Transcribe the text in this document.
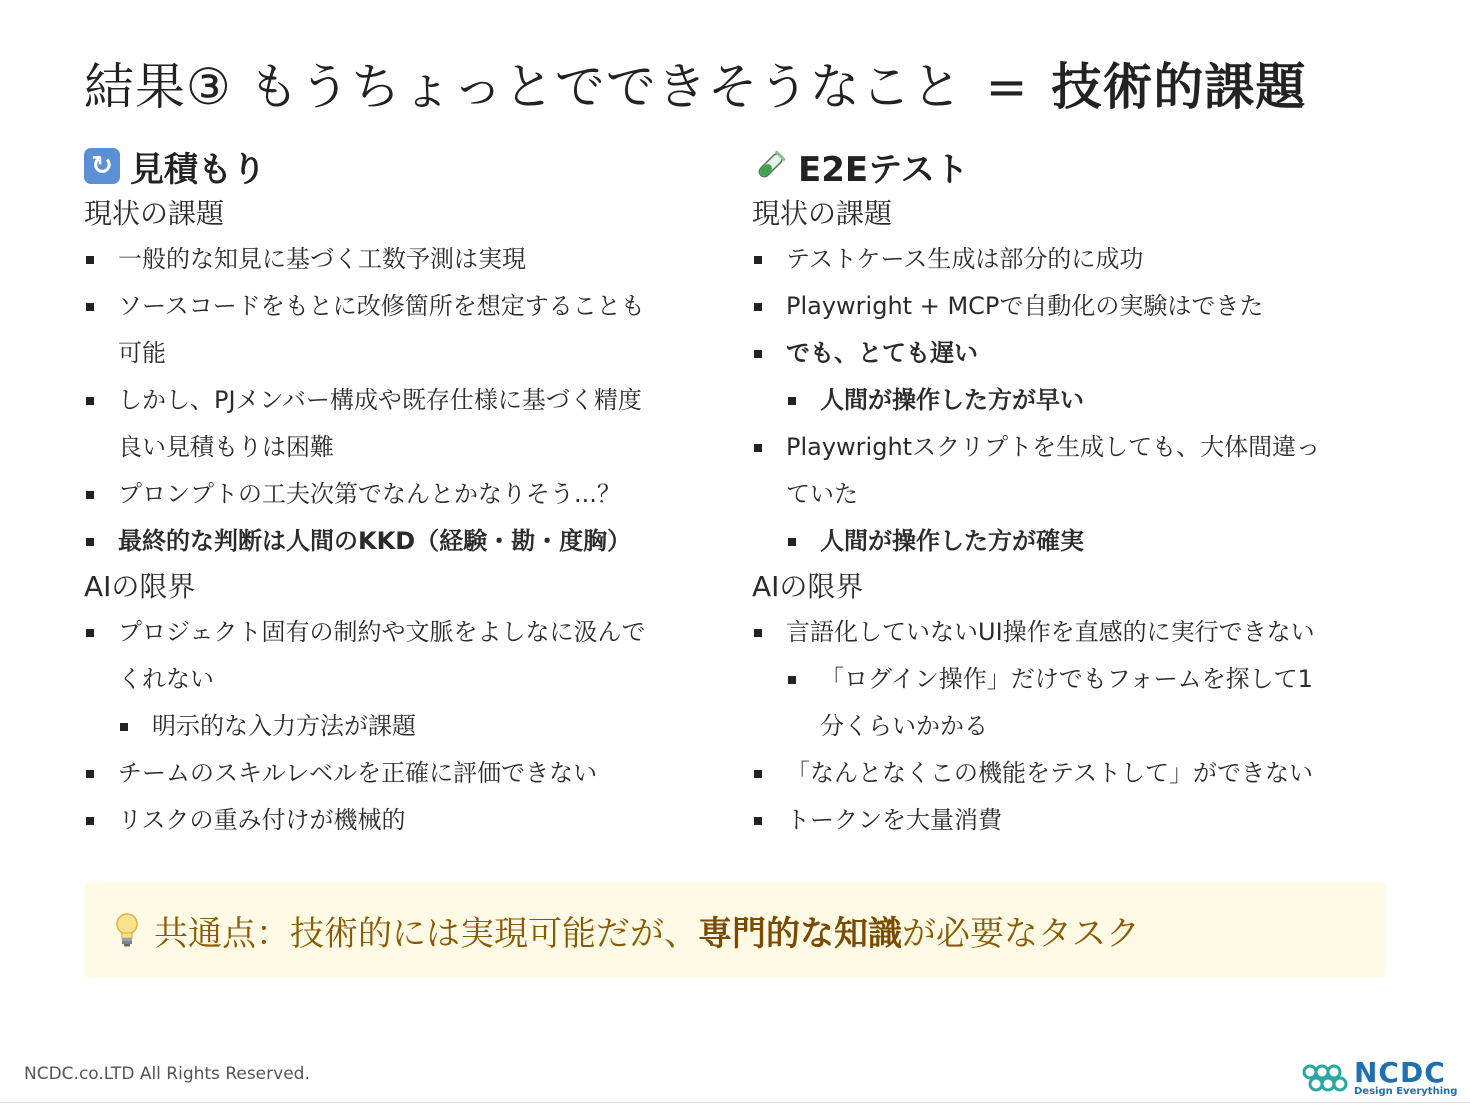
結果③ もうちょっとでできそうなこと = 技術的課題
↻ 見積もり
現状の課題
一般的な知見に基づく工数予測は実現
ソースコードをもとに改修箇所を想定することも
可能
しかし、PJメンバー構成や既存仕様に基づく精度
良い見積もりは困難
プロンプトの工夫次第でなんとかなりそう...？
最終的な判断は人間のKKD（経験・勘・度胸）
AIの限界
プロジェクト固有の制約や文脈をよしなに汲んで
くれない
明示的な入力方法が課題
チームのスキルレベルを正確に評価できない
リスクの重み付けが機械的
E2Eテスト
現状の課題
テストケース生成は部分的に成功
Playwright + MCPで自動化の実験はできた
でも、とても遅い
人間が操作した方が早い
Playwrightスクリプトを生成しても、大体間違っ
ていた
人間が操作した方が確実
AIの限界
言語化していないUI操作を直感的に実行できない
「ログイン操作」だけでもフォームを探して1
分くらいかかる
「なんとなくこの機能をテストして」ができない
トークンを大量消費
共通点：技術的には実現可能だが、 専門的な知識 が必要なタスク
NCDC.co.LTD All Rights Reserved.	NCDC
Design Everything
